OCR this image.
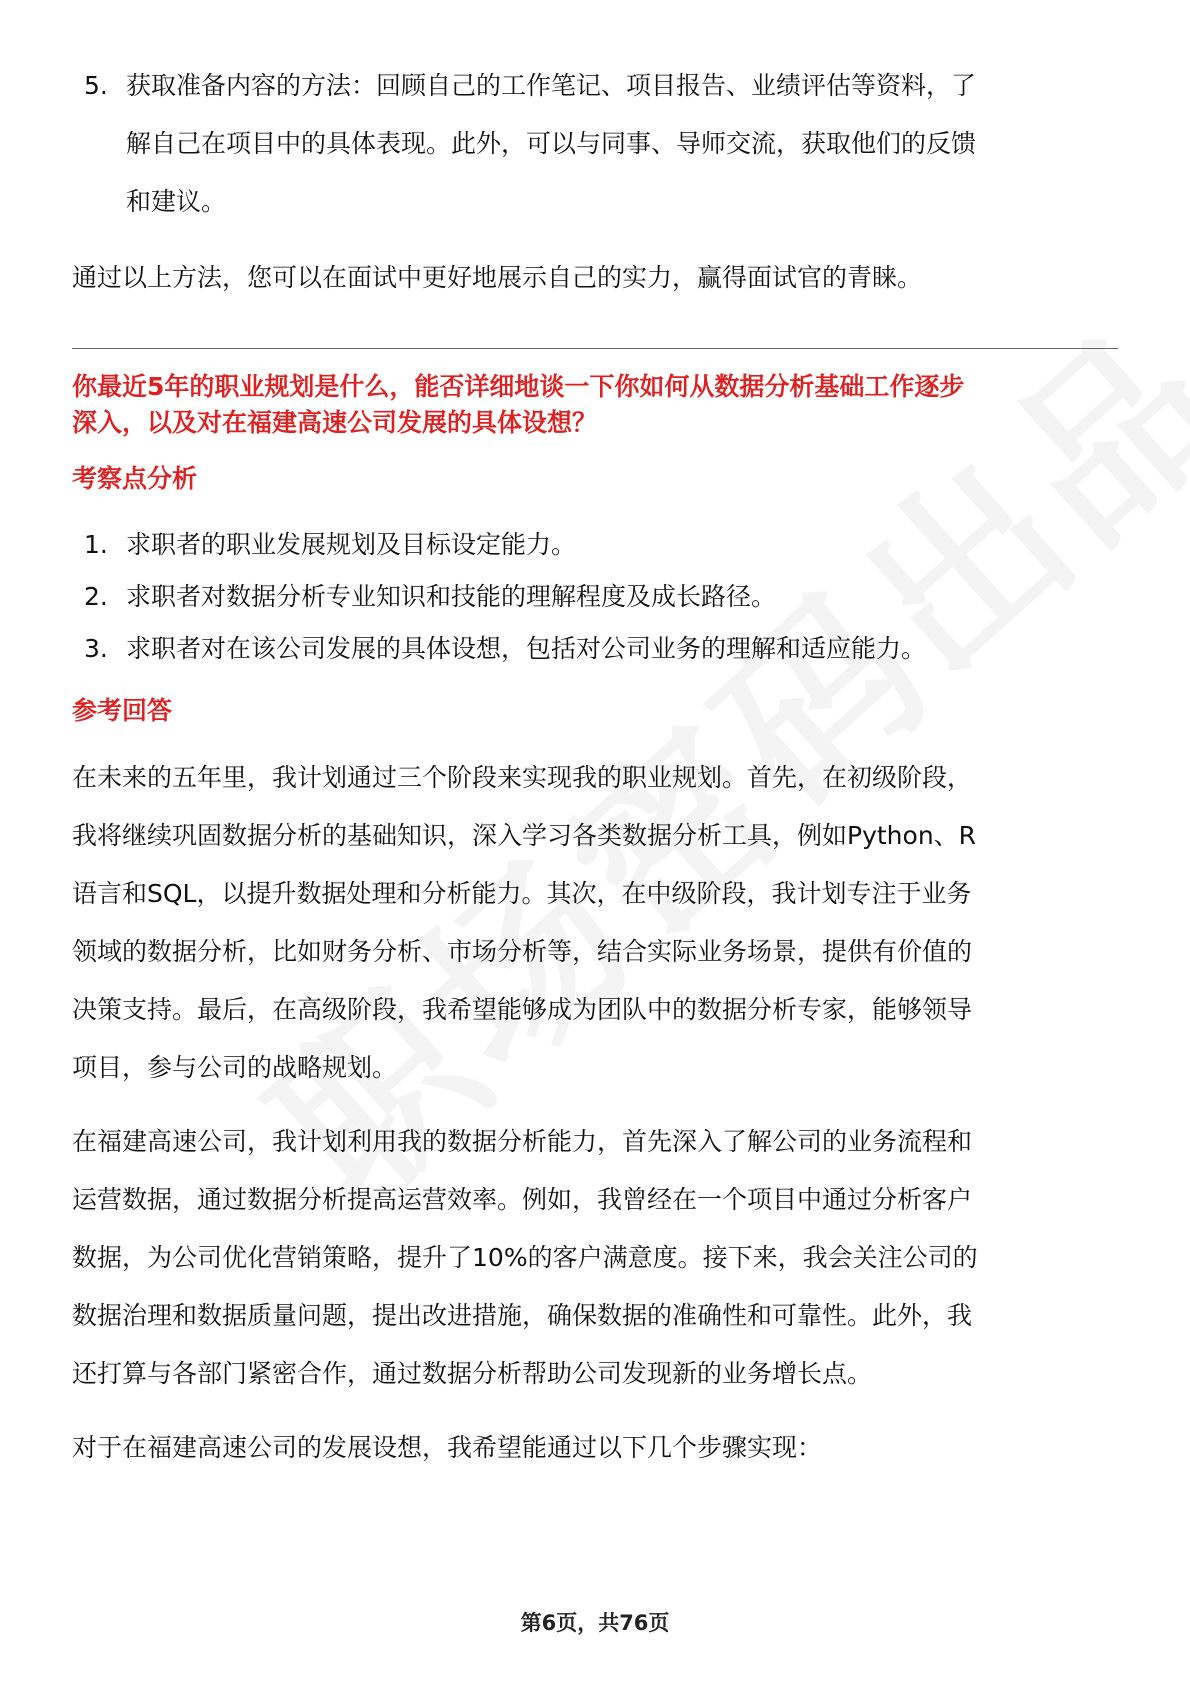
5. 获取准备内容的方法：回顾自己的工作笔记、项目报告、业绩评估等资料，了
解自己在项目中的具体表现。此外，可以与同事、导师交流，获取他们的反馈
和建议。

通过以上方法，您可以在面试中更好地展示自己的实力，赢得面试官的青睐。

你最近5年的职业规划是什么，能否详细地谈一下你如何从数据分析基础工作逐步
深入，以及对在福建高速公司发展的具体设想？
考察点分析
1. 求职者的职业发展规划及目标设定能力。
2. 求职者对数据分析专业知识和技能的理解程度及成长路径。
3. 求职者对在该公司发展的具体设想，包括对公司业务的理解和适应能力。
参考回答
在未来的五年里，我计划通过三个阶段来实现我的职业规划。首先，在初级阶段，
我将继续巩固数据分析的基础知识，深入学习各类数据分析工具，例如Python、R
语言和SQL，以提升数据处理和分析能力。其次，在中级阶段，我计划专注于业务
领域的数据分析，比如财务分析、市场分析等，结合实际业务场景，提供有价值的
决策支持。最后，在高级阶段，我希望能够成为团队中的数据分析专家，能够领导
项目，参与公司的战略规划。
在福建高速公司，我计划利用我的数据分析能力，首先深入了解公司的业务流程和
运营数据，通过数据分析提高运营效率。例如，我曾经在一个项目中通过分析客户
数据，为公司优化营销策略，提升了10%的客户满意度。接下来，我会关注公司的
数据治理和数据质量问题，提出改进措施，确保数据的准确性和可靠性。此外，我
还打算与各部门紧密合作，通过数据分析帮助公司发现新的业务增长点。
对于在福建高速公司的发展设想，我希望能通过以下几个步骤实现：
第6页，共76页
